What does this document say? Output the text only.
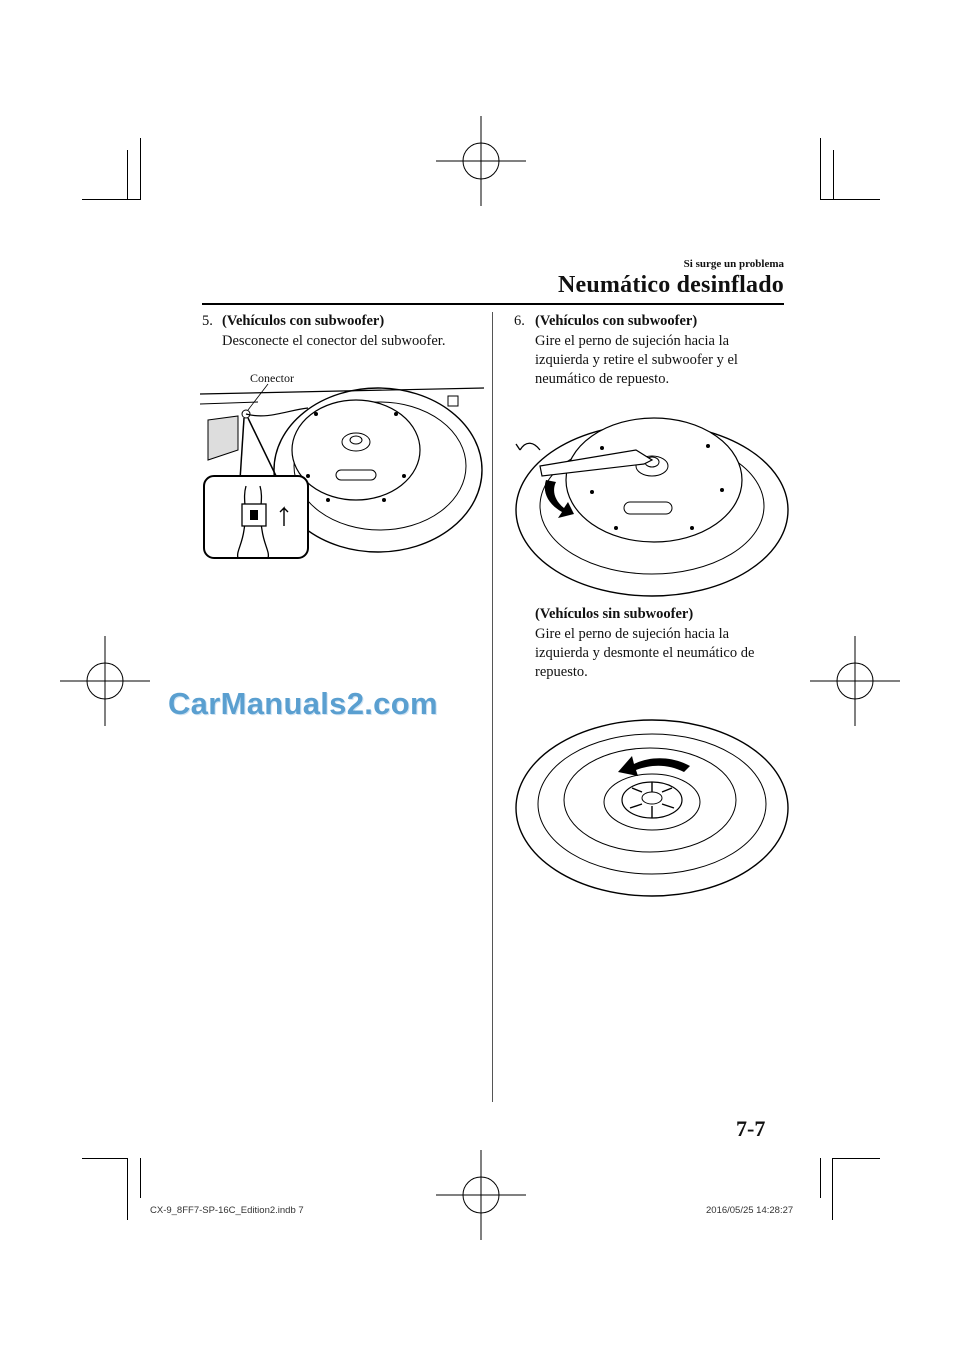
Si surge un problema
Neumático desinflado
5. (Vehículos con subwoofer)
Desconecte el conector del subwoofer.
Conector
6. (Vehículos con subwoofer)
Gire el perno de sujeción hacia la
izquierda y retire el subwoofer y el
neumático de repuesto.
(Vehículos sin subwoofer)
Gire el perno de sujeción hacia la
izquierda y desmonte el neumático de
repuesto.
CarManuals2.com
7-7
CX-9_8FF7-SP-16C_Edition2.indb 7	2016/05/25 14:28:27
